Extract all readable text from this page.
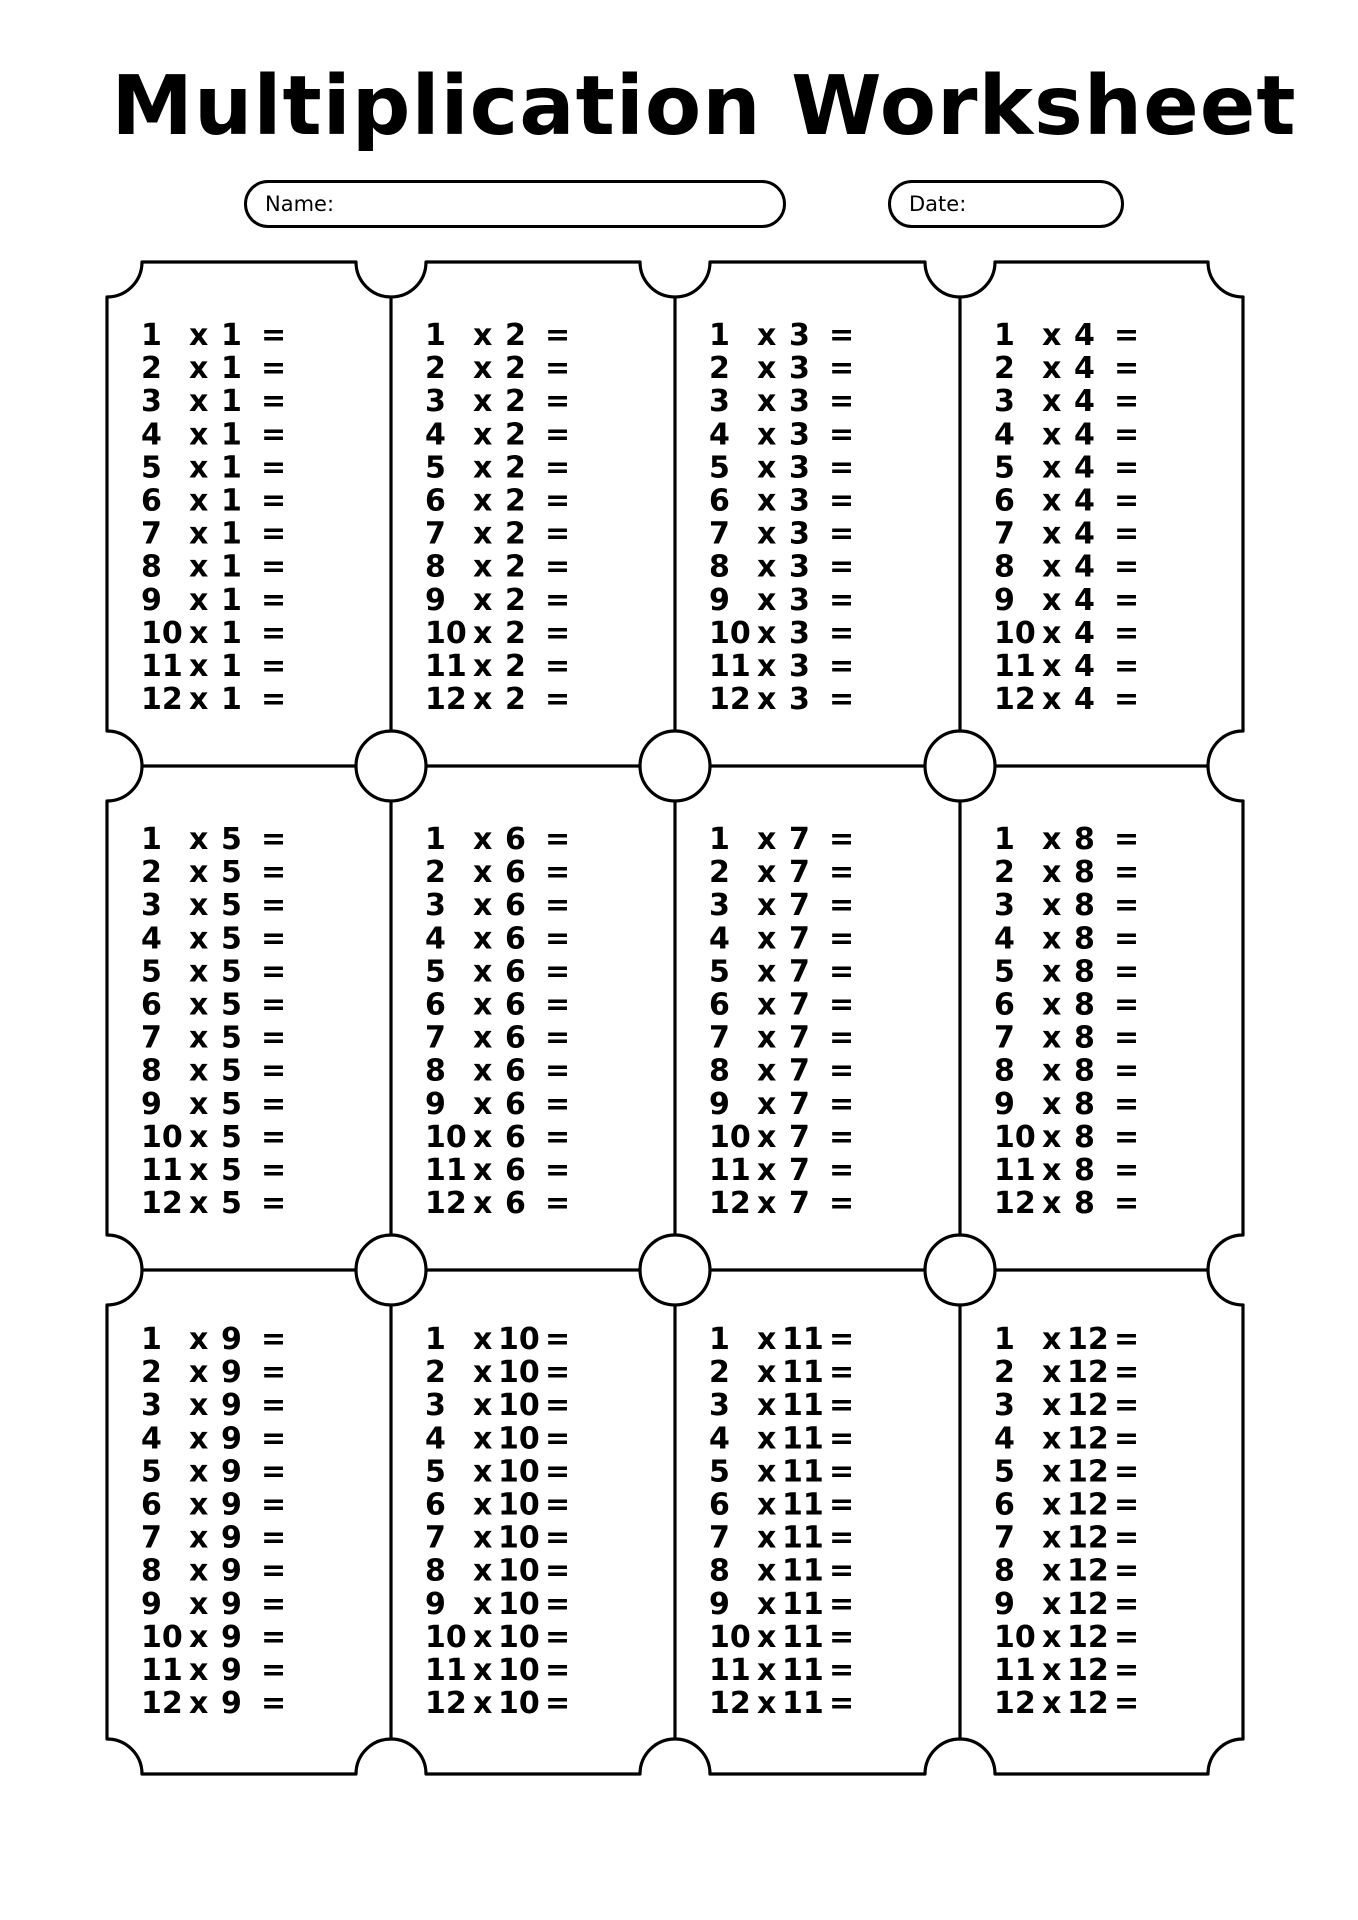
Multiplication Worksheet
Name:	Date:
1 x 1 =
2 x 1 =
3 x 1 =
4 x 1 =
5 x 1 =
6 x 1 =
7 x 1 =
8 x 1 =
9 x 1 =
10 x 1 =
11 x 1 =
12 x 1 =
1 x 2 =
2 x 2 =
3 x 2 =
4 x 2 =
5 x 2 =
6 x 2 =
7 x 2 =
8 x 2 =
9 x 2 =
10 x 2 =
11 x 2 =
12 x 2 =
1 x 3 =
2 x 3 =
3 x 3 =
4 x 3 =
5 x 3 =
6 x 3 =
7 x 3 =
8 x 3 =
9 x 3 =
10 x 3 =
11 x 3 =
12 x 3 =
1 x 4 =
2 x 4 =
3 x 4 =
4 x 4 =
5 x 4 =
6 x 4 =
7 x 4 =
8 x 4 =
9 x 4 =
10 x 4 =
11 x 4 =
12 x 4 =
1 x 5 =
2 x 5 =
3 x 5 =
4 x 5 =
5 x 5 =
6 x 5 =
7 x 5 =
8 x 5 =
9 x 5 =
10 x 5 =
11 x 5 =
12 x 5 =
1 x 6 =
2 x 6 =
3 x 6 =
4 x 6 =
5 x 6 =
6 x 6 =
7 x 6 =
8 x 6 =
9 x 6 =
10 x 6 =
11 x 6 =
12 x 6 =
1 x 7 =
2 x 7 =
3 x 7 =
4 x 7 =
5 x 7 =
6 x 7 =
7 x 7 =
8 x 7 =
9 x 7 =
10 x 7 =
11 x 7 =
12 x 7 =
1 x 8 =
2 x 8 =
3 x 8 =
4 x 8 =
5 x 8 =
6 x 8 =
7 x 8 =
8 x 8 =
9 x 8 =
10 x 8 =
11 x 8 =
12 x 8 =
1 x 9 =
2 x 9 =
3 x 9 =
4 x 9 =
5 x 9 =
6 x 9 =
7 x 9 =
8 x 9 =
9 x 9 =
10 x 9 =
11 x 9 =
12 x 9 =
1 x 10 =
2 x 10 =
3 x 10 =
4 x 10 =
5 x 10 =
6 x 10 =
7 x 10 =
8 x 10 =
9 x 10 =
10 x 10 =
11 x 10 =
12 x 10 =
1 x 11 =
2 x 11 =
3 x 11 =
4 x 11 =
5 x 11 =
6 x 11 =
7 x 11 =
8 x 11 =
9 x 11 =
10 x 11 =
11 x 11 =
12 x 11 =
1 x 12 =
2 x 12 =
3 x 12 =
4 x 12 =
5 x 12 =
6 x 12 =
7 x 12 =
8 x 12 =
9 x 12 =
10 x 12 =
11 x 12 =
12 x 12 =
